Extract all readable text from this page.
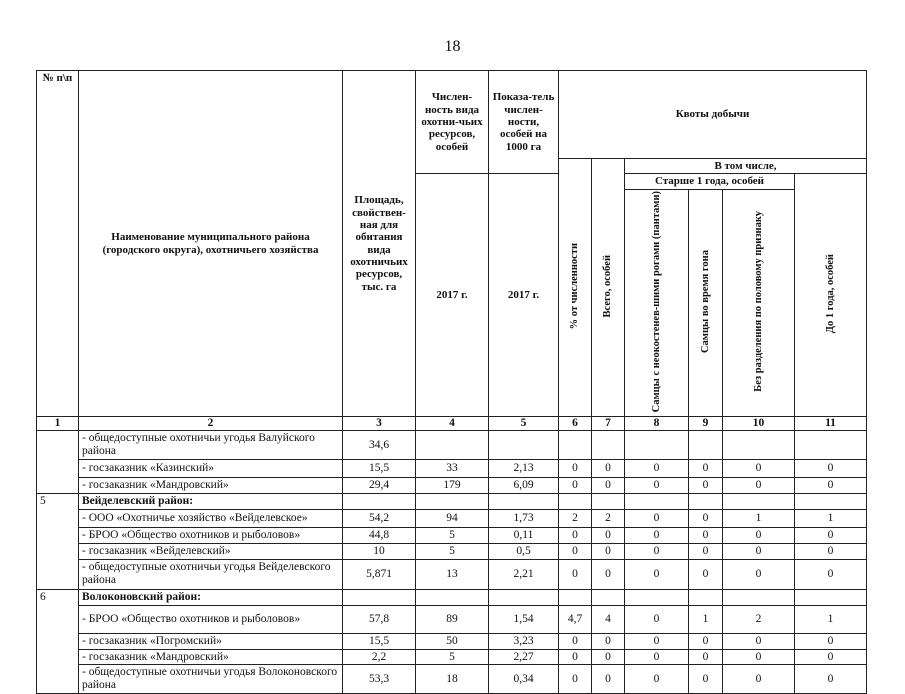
18
№ п\п	Наименование муниципального района (городского округа), охотничьего хозяйства	Площадь, свойствен-ная для обитания вида охотничьих ресурсов, тыс. га	Числен-ность вида охотни-чьих ресурсов, особей	Показа-тель числен-ности, особей на 1000 га	Квоты добычи					
					% от численности	Всего, особей	В том числе,			
			2017 г.	2017 г.			Старше 1 года, особей			До 1 года, особей
							Самцы с неокостенев-шими рогами (пантами)	Самцы во время гона	Без разделения по половому признаку	
1	2	3	4	5	6	7	8	9	10	11
	- общедоступные охотничьи угодья Валуйского района	34,6								
	- госзаказник «Казинский»	15,5	33	2,13	0	0	0	0	0	0
	- госзаказник «Мандровский»	29,4	179	6,09	0	0	0	0	0	0
5	Вейделевский район:									
	- ООО «Охотничье хозяйство «Вейделевское»	54,2	94	1,73	2	2	0	0	1	1
	- БРОО «Общество охотников и рыболовов»	44,8	5	0,11	0	0	0	0	0	0
	- госзаказник «Вейделевский»	10	5	0,5	0	0	0	0	0	0
	- общедоступные охотничьи угодья Вейделевского района	5,871	13	2,21	0	0	0	0	0	0
6	Волоконовский район:									
	- БРОО «Общество охотников и рыболовов»	57,8	89	1,54	4,7	4	0	1	2	1
	- госзаказник «Погромский»	15,5	50	3,23	0	0	0	0	0	0
	- госзаказник «Мандровский»	2,2	5	2,27	0	0	0	0	0	0
	- общедоступные охотничьи угодья Волоконовского района	53,3	18	0,34	0	0	0	0	0	0
